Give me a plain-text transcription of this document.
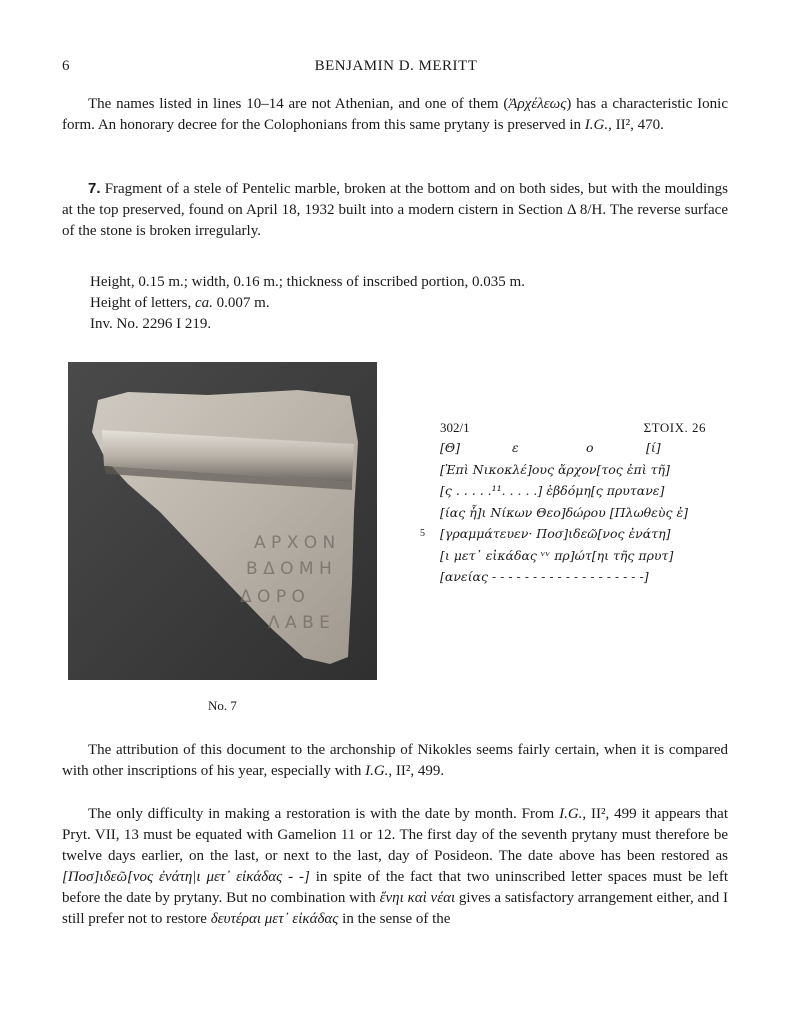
6	BENJAMIN D. MERITT

The names listed in lines 10–14 are not Athenian, and one of them (Ἀρχέλεως) has a characteristic Ionic form. An honorary decree for the Colophonians from this same prytany is preserved in I.G., II², 470.

7. Fragment of a stele of Pentelic marble, broken at the bottom and on both sides, but with the mouldings at the top preserved, found on April 18, 1932 built into a modern cistern in Section Δ 8/H. The reverse surface of the stone is broken irregularly.

Height, 0.15 m.; width, 0.16 m.; thickness of inscribed portion, 0.035 m.
Height of letters, ca. 0.007 m.
Inv. No. 2296 I 219.
Α Ρ Χ Ο Ν
Β Δ Ο Μ Η
Δ Ο Ρ Ο
Λ Α Β Ε
No. 7
302/1	ΣΤΟΙΧ. 26
[Θ]	ε	ο	[ί]
[Ἐπὶ Νικοκλέ]ους ἄρχον[τος ἐπὶ τῆ]
[ς . . . . .¹¹. . . . .] ἑβδόμη[ς πρυτανε]
[ίας ἧ]ι Νίκων Θεο]δώρου [Πλωθεὺς ἐ]
5 [γραμμάτευεν· Ποσ]ιδεῶ[νος ἐνάτη]
[ι μετ᾽ εἰκάδας ᵛᵛ πρ]ώτ[ηι τῆς πρυτ]
[ανείας - - - - - - - - - - - - - - - - - - -]

The attribution of this document to the archonship of Nikokles seems fairly certain, when it is compared with other inscriptions of his year, especially with I.G., II², 499.

The only difficulty in making a restoration is with the date by month. From I.G., II², 499 it appears that Pryt. VII, 13 must be equated with Gamelion 11 or 12. The first day of the seventh prytany must therefore be twelve days earlier, on the last, or next to the last, day of Posideon. The date above has been restored as [Ποσ]ιδεῶ[νος ἐνάτη|ι μετ᾽ εἰκάδας - -] in spite of the fact that two uninscribed letter spaces must be left before the date by prytany. But no combination with ἕνηι καὶ νέαι gives a satisfactory arrangement either, and I still prefer not to restore δευτέραι μετ᾽ εἰκάδας in the sense of the
